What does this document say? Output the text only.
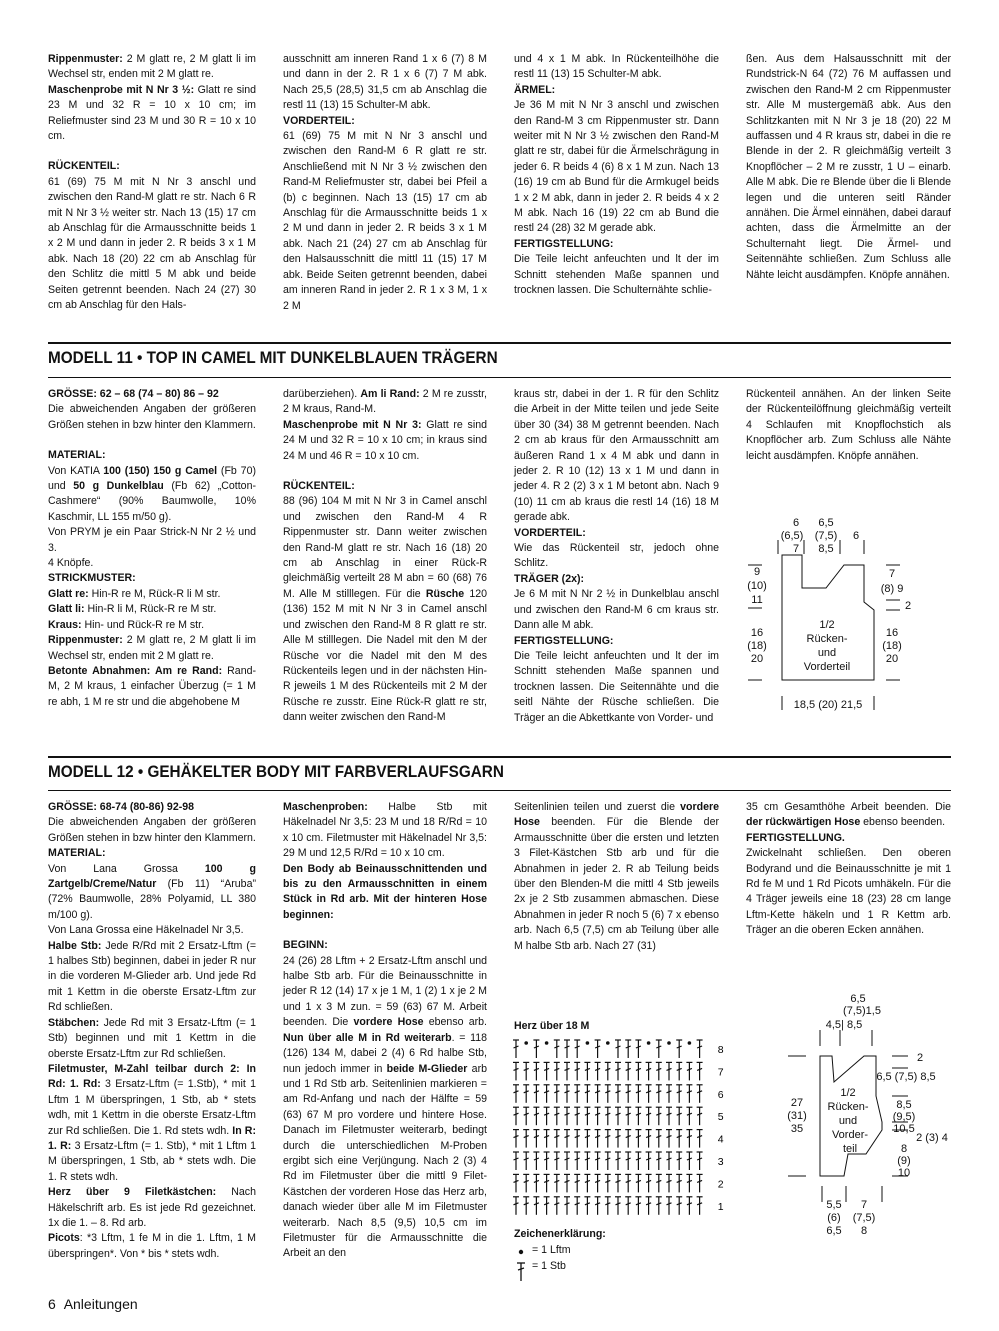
Rippenmuster: 2 M glatt re, 2 M glatt li im Wechsel str, enden mit 2 M glatt re.

Maschenprobe mit N Nr 3 ½: Glatt re sind 23 M und 32 R = 10 x 10 cm; im Reliefmuster sind 23 M und 30 R = 10 x 10 cm.

RÜCKENTEIL:

61 (69) 75 M mit N Nr 3 anschl und zwischen den Rand-M glatt re str. Nach 6 R mit N Nr 3 ½ weiter str. Nach 13 (15) 17 cm ab Anschlag für die Armausschnitte beids 1 x 2 M und dann in jeder 2. R beids 3 x 1 M abk. Nach 18 (20) 22 cm ab Anschlag für den Schlitz die mittl 5 M abk und beide Seiten getrennt beenden. Nach 24 (27) 30 cm ab Anschlag für den Hals-

ausschnitt am inneren Rand 1 x 6 (7) 8 M und dann in der 2. R 1 x 6 (7) 7 M abk. Nach 25,5 (28,5) 31,5 cm ab Anschlag die restl 11 (13) 15 Schulter-M abk.

VORDERTEIL:

61 (69) 75 M mit N Nr 3 anschl und zwischen den Rand-M 6 R glatt re str. Anschließend mit N Nr 3 ½ zwischen den Rand-M Reliefmuster str, dabei bei Pfeil a (b) c beginnen. Nach 13 (15) 17 cm ab Anschlag für die Armausschnitte beids 1 x 2 M und dann in jeder 2. R beids 3 x 1 M abk. Nach 21 (24) 27 cm ab Anschlag für den Halsausschnitt die mittl 11 (15) 17 M abk. Beide Seiten getrennt beenden, dabei am inneren Rand in jeder 2. R 1 x 3 M, 1 x 2 M

und 4 x 1 M abk. In Rückenteilhöhe die restl 11 (13) 15 Schulter-M abk.

ÄRMEL:

Je 36 M mit N Nr 3 anschl und zwischen den Rand-M 3 cm Rippenmuster str. Dann weiter mit N Nr 3 ½ zwischen den Rand-M glatt re str, dabei für die Ärmelschrägung in jeder 6. R beids 4 (6) 8 x 1 M zun. Nach 13 (16) 19 cm ab Bund für die Armkugel beids 1 x 2 M abk, dann in jeder 2. R beids 4 x 2 M abk. Nach 16 (19) 22 cm ab Bund die restl 24 (28) 32 M gerade abk.

FERTIGSTELLUNG:

Die Teile leicht anfeuchten und lt der im Schnitt stehenden Maße spannen und trocknen lassen. Die Schulternähte schlie-

ßen. Aus dem Halsausschnitt mit der Rundstrick-N 64 (72) 76 M auffassen und zwischen den Rand-M 2 cm Rippenmuster str. Alle M mustergemäß abk. Aus den Schlitzkanten mit N Nr 3 je 18 (20) 22 M auffassen und 4 R kraus str, dabei in die re Blende in der 2. R gleichmäßig verteilt 3 Knopflöcher – 2 M re zusstr, 1 U – einarb. Alle M abk. Die re Blende über die li Blende legen und die unteren seitl Ränder annähen. Die Ärmel einnähen, dabei darauf achten, dass die Ärmelmitte an der Schulternaht liegt. Die Ärmel- und Seitennähte schließen. Zum Schluss alle Nähte leicht ausdämpfen. Knöpfe annähen.

MODELL 11 • TOP IN CAMEL MIT DUNKELBLAUEN TRÄGERN

GRÖSSE: 62 – 68 (74 – 80) 86 – 92

Die abweichenden Angaben der größeren Größen stehen in bzw hinter den Klammern.

MATERIAL:

Von KATIA 100 (150) 150 g Camel (Fb 70) und 50 g Dunkelblau (Fb 62) „Cotton-Cashmere“ (90% Baumwolle, 10% Kaschmir, LL 155 m/50 g).

Von PRYM je ein Paar Strick-N Nr 2 ½ und 3.

4 Knöpfe.

STRICKMUSTER:

Glatt re: Hin-R re M, Rück-R li M str.

Glatt li: Hin-R li M, Rück-R re M str.

Kraus: Hin- und Rück-R re M str.

Rippenmuster: 2 M glatt re, 2 M glatt li im Wechsel str, enden mit 2 M glatt re.

Betonte Abnahmen: Am re Rand: Rand-M, 2 M kraus, 1 einfacher Überzug (= 1 M re abh, 1 M re str und die abgehobene M

darüberziehen). Am li Rand: 2 M re zusstr, 2 M kraus, Rand-M.

Maschenprobe mit N Nr 3: Glatt re sind 24 M und 32 R = 10 x 10 cm; in kraus sind 24 M und 46 R = 10 x 10 cm.

RÜCKENTEIL:

88 (96) 104 M mit N Nr 3 in Camel anschl und zwischen den Rand-M 4 R Rippenmuster str. Dann weiter zwischen den Rand-M glatt re str. Nach 16 (18) 20 cm ab Anschlag in einer Rück-R gleichmäßig verteilt 28 M abn = 60 (68) 76 M. Alle M stilllegen. Für die Rüsche 120 (136) 152 M mit N Nr 3 in Camel anschl und zwischen den Rand-M 8 R glatt re str. Alle M stilllegen. Die Nadel mit den M der Rüsche vor die Nadel mit den M des Rückenteils legen und in der nächsten Hin-R jeweils 1 M des Rückenteils mit 2 M der Rüsche re zusstr. Eine Rück-R glatt re str, dann weiter zwischen den Rand-M

kraus str, dabei in der 1. R für den Schlitz die Arbeit in der Mitte teilen und jede Seite über 30 (34) 38 M getrennt beenden. Nach 2 cm ab kraus für den Armausschnitt am äußeren Rand 1 x 4 M abk und dann in jeder 2. R 10 (12) 13 x 1 M und dann in jeder 4. R 2 (2) 3 x 1 M betont abn. Nach 9 (10) 11 cm ab kraus die restl 14 (16) 18 M gerade abk.

VORDERTEIL:

Wie das Rückenteil str, jedoch ohne Schlitz.

TRÄGER (2x):

Je 6 M mit N Nr 2 ½ in Dunkelblau anschl und zwischen den Rand-M 6 cm kraus str. Dann alle M abk.

FERTIGSTELLUNG:

Die Teile leicht anfeuchten und lt der im Schnitt stehenden Maße spannen und trocknen lassen. Die Seitennähte und die seitl Nähte der Rüsche schließen. Die Träger an die Abkettkante von Vorder- und

Rückenteil annähen. An der linken Seite der Rückenteilöffnung gleichmäßig verteilt 4 Schlaufen mit Knopflochstich als Knopflöcher arb. Zum Schluss alle Nähte leicht ausdämpfen. Knöpfe annähen.

6
(6,5)
7
6,5
(7,5)
8,5
6
9
(10)
11
7
(8) 9
2
16
(18)
20
16
(18)
20
1/2
Rücken-
und
Vorderteil
18,5 (20) 21,5
MODELL 12 • GEHÄKELTER BODY MIT FARBVERLAUFSGARN

GRÖSSE: 68-74 (80-86) 92-98

Die abweichenden Angaben der größeren Größen stehen in bzw hinter den Klammern.

MATERIAL:

Von Lana Grossa 100 g Zartgelb/Creme/Natur (Fb 11) “Aruba” (72% Baumwolle, 28% Polyamid, LL 380 m/100 g).

Von Lana Grossa eine Häkelnadel Nr 3,5.

Halbe Stb: Jede R/Rd mit 2 Ersatz-Lftm (= 1 halbes Stb) beginnen, dabei in jeder R nur in die vorderen M-Glieder arb. Und jede Rd mit 1 Kettm in die oberste Ersatz-Lftm zur Rd schließen.

Stäbchen: Jede Rd mit 3 Ersatz-Lftm (= 1 Stb) beginnen und mit 1 Kettm in die oberste Ersatz-Lftm zur Rd schließen.

Filetmuster, M-Zahl teilbar durch 2: In Rd: 1. Rd: 3 Ersatz-Lftm (= 1.Stb), * mit 1 Lftm 1 M überspringen, 1 Stb, ab * stets wdh, mit 1 Kettm in die oberste Ersatz-Lftm zur Rd schließen. Die 1. Rd stets wdh. In R: 1. R: 3 Ersatz-Lftm (= 1. Stb), * mit 1 Lftm 1 M überspringen, 1 Stb, ab * stets wdh. Die 1. R stets wdh.

Herz über 9 Filetkästchen: Nach Häkelschrift arb. Es ist jede Rd gezeichnet. 1x die 1. – 8. Rd arb.

Picots: *3 Lftm, 1 fe M in die 1. Lftm, 1 M überspringen*. Von * bis * stets wdh.

Maschenproben: Halbe Stb mit Häkelnadel Nr 3,5: 23 M und 18 R/Rd = 10 x 10 cm. Filetmuster mit Häkelnadel Nr 3,5: 29 M und 12,5 R/Rd = 10 x 10 cm.

Den Body ab Beinausschnittenden und bis zu den Armausschnitten in einem Stück in Rd arb. Mit der hinteren Hose beginnen:

BEGINN:

24 (26) 28 Lftm + 2 Ersatz-Lftm anschl und halbe Stb arb. Für die Beinausschnitte in jeder R 12 (14) 17 x je 1 M, 1 (2) 1 x je 2 M und 1 x 3 M zun. = 59 (63) 67 M. Arbeit beenden. Die vordere Hose ebenso arb. Nun über alle M in Rd weiterarb. = 118 (126) 134 M, dabei 2 (4) 6 Rd halbe Stb, nun jedoch immer in beide M-Glieder arb und 1 Rd Stb arb. Seitenlinien markieren = am Rd-Anfang und nach der Hälfte = 59 (63) 67 M pro vordere und hintere Hose. Danach im Filetmuster weiterarb, bedingt durch die unterschiedlichen M-Proben ergibt sich eine Verjüngung. Nach 2 (3) 4 Rd im Filetmuster über die mittl 9 Filet-Kästchen der vorderen Hose das Herz arb, danach wieder über alle M im Filetmuster weiterarb. Nach 8,5 (9,5) 10,5 cm im Filetmuster für die Armausschnitte die Arbeit an den

Seitenlinien teilen und zuerst die vordere Hose beenden. Für die Blende der Armausschnitte über die ersten und letzten 3 Filet-Kästchen Stb arb und für die Abnahmen in jeder 2. R ab Teilung beids über den Blenden-M die mittl 4 Stb jeweils 2x je 2 Stb zusammen abmaschen. Diese Abnahmen in jeder R noch 5 (6) 7 x ebenso arb. Nach 6,5 (7,5) cm ab Teilung über alle M halbe Stb arb. Nach 27 (31)

35 cm Gesamthöhe Arbeit beenden. Die der rückwärtigen Hose ebenso beenden.

FERTIGSTELLUNG.

Zwickelnaht schließen. Den oberen Bodyrand und die Beinausschnitte je mit 1 Rd fe M und 1 Rd Picots umhäkeln. Für die 4 Träger jeweils eine 18 (23) 28 cm lange Lftm-Kette häkeln und 1 R Kettm arb. Träger an die oberen Ecken annähen.

Herz über 18 M
8
7
6
5
4
3
2
1
Zeichenerklärung:
= 1 Lftm
= 1 Stb
6,5
(7,5)1,5
4,5| 8,5
2
6,5 (7,5) 8,5
8,5
(9,5)
10,5
2 (3) 4
8
(9)
10
27
(31)
35
1/2
Rücken-
und
Vorder-
teil
5,5
(6)
6,5
7
(7,5)
8
6 Anleitungen
